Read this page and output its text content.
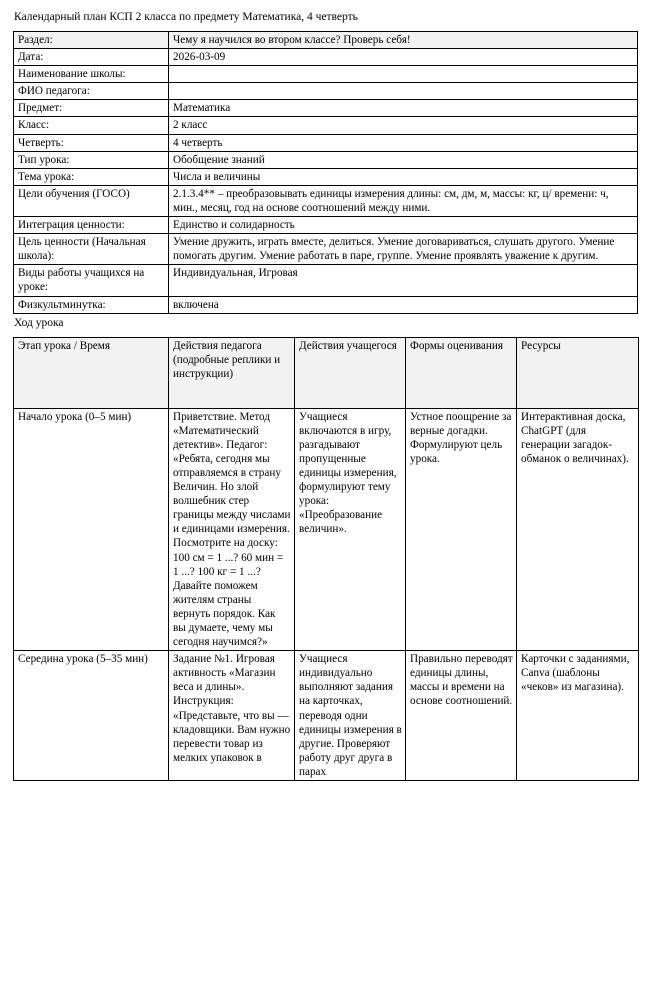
Календарный план КСП 2 класса по предмету Математика, 4 четверть
Раздел:	Чему я научился во втором классе? Проверь себя!
Дата:	2026-03-09
Наименование школы:	
ФИО педагога:	
Предмет:	Математика
Класс:	2 класс
Четверть:	4 четверть
Тип урока:	Обобщение знаний
Тема урока:	Числа и величины
Цели обучения (ГОСО)	2.1.3.4** – преобразовывать единицы измерения длины: см, дм, м, массы: кг, ц/ времени: ч, мин., месяц, год на основе соотношений между ними.
Интеграция ценности:	Единство и солидарность
Цель ценности (Начальная школа):	Умение дружить, играть вместе, делиться. Умение договариваться, слушать другого. Умение помогать другим. Умение работать в паре, группе. Умение проявлять уважение к другим.
Виды работы учащихся на уроке:	Индивидуальная, Игровая
Физкультминутка:	включена
Ход урока
Этап урока / Время	Действия педагога (подробные реплики и инструкции)	Действия учащегося	Формы оценивания	Ресурсы
Начало урока (0–5 мин)	Приветствие. Метод «Математический детектив». Педагог: «Ребята, сегодня мы отправляемся в страну Величин. Но злой волшебник стер границы между числами и единицами измерения. Посмотрите на доску: 100 см = 1 ...? 60 мин = 1 ...? 100 кг = 1 ...? Давайте поможем жителям страны вернуть порядок. Как вы думаете, чему мы сегодня научимся?»	Учащиеся включаются в игру, разгадывают пропущенные единицы измерения, формулируют тему урока: «Преобразование величин».	Устное поощрение за верные догадки. Формулируют цель урока.	Интерактивная доска, ChatGPT (для генерации загадок-обманок о величинах).
Середина урока (5–35 мин)	Задание №1. Игровая активность «Магазин веса и длины». Инструкция: «Представьте, что вы — кладовщики. Вам нужно перевести товар из мелких упаковок в	Учащиеся индивидуально выполняют задания на карточках, переводя одни единицы измерения в другие. Проверяют работу друг друга в парах	Правильно переводят единицы длины, массы и времени на основе соотношений.	Карточки с заданиями, Canva (шаблоны «чеков» из магазина).
